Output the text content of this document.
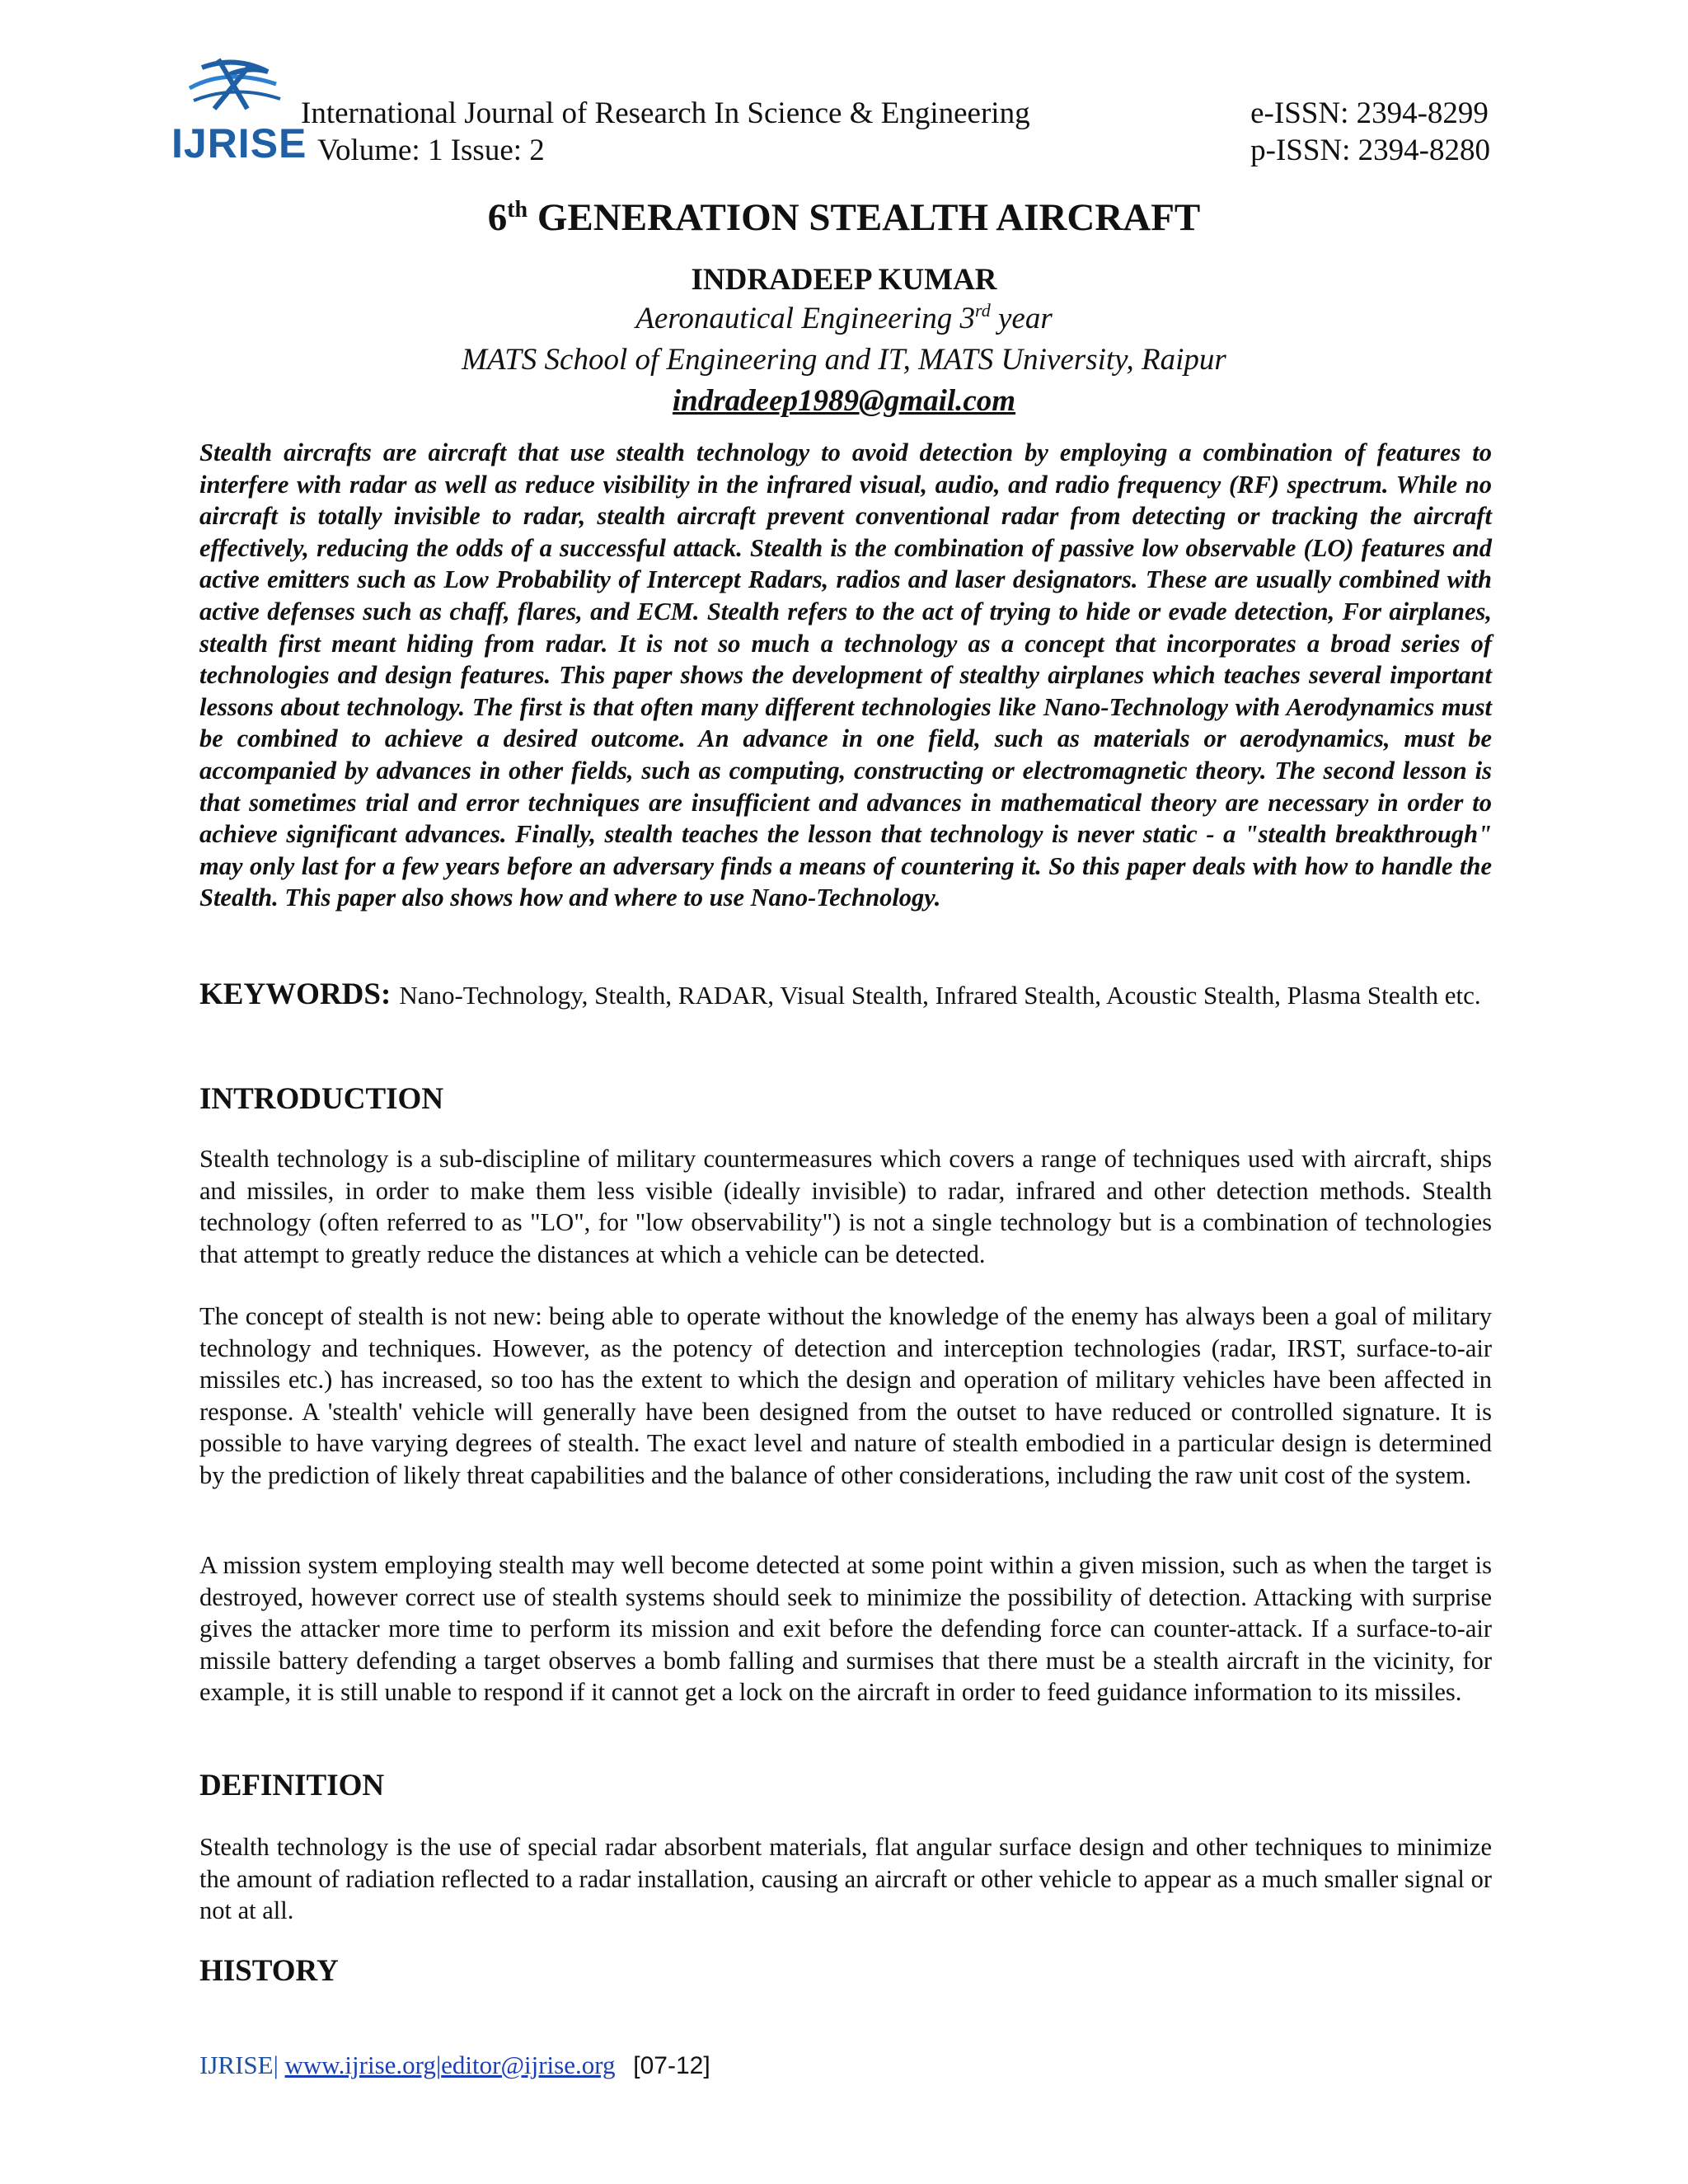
IJRISE
International Journal of Research In Science & Engineering
Volume: 1 Issue: 2
e-ISSN: 2394-8299
p-ISSN: 2394-8280
6th GENERATION STEALTH AIRCRAFT
INDRADEEP KUMAR
Aeronautical Engineering 3rd year
MATS School of Engineering and IT, MATS University, Raipur
indradeep1989@gmail.com

Stealth aircrafts are aircraft that use stealth technology to avoid detection by employing a combination of features to interfere with radar as well as reduce visibility in the infrared visual, audio, and radio frequency (RF) spectrum. While no aircraft is totally invisible to radar, stealth aircraft prevent conventional radar from detecting or tracking the aircraft effectively, reducing the odds of a successful attack. Stealth is the combination of passive low observable (LO) features and active emitters such as Low Probability of Intercept Radars, radios and laser designators. These are usually combined with active defenses such as chaff, flares, and ECM. Stealth refers to the act of trying to hide or evade detection, For airplanes, stealth first meant hiding from radar. It is not so much a technology as a concept that incorporates a broad series of technologies and design features. This paper shows the development of stealthy airplanes which teaches several important lessons about technology. The first is that often many different technologies like Nano-Technology with Aerodynamics must be combined to achieve a desired outcome. An advance in one field, such as materials or aerodynamics, must be accompanied by advances in other fields, such as computing, constructing or electromagnetic theory. The second lesson is that sometimes trial and error techniques are insufficient and advances in mathematical theory are necessary in order to achieve significant advances. Finally, stealth teaches the lesson that technology is never static - a "stealth breakthrough" may only last for a few years before an adversary finds a means of countering it. So this paper deals with how to handle the Stealth. This paper also shows how and where to use Nano-Technology.

KEYWORDS: Nano-Technology, Stealth, RADAR, Visual Stealth, Infrared Stealth, Acoustic Stealth, Plasma Stealth etc.

INTRODUCTION

Stealth technology is a sub-discipline of military countermeasures which covers a range of techniques used with aircraft, ships and missiles, in order to make them less visible (ideally invisible) to radar, infrared and other detection methods. Stealth technology (often referred to as "LO", for "low observability") is not a single technology but is a combination of technologies that attempt to greatly reduce the distances at which a vehicle can be detected.

The concept of stealth is not new: being able to operate without the knowledge of the enemy has always been a goal of military technology and techniques. However, as the potency of detection and interception technologies (radar, IRST, surface-to-air missiles etc.) has increased, so too has the extent to which the design and operation of military vehicles have been affected in response. A 'stealth' vehicle will generally have been designed from the outset to have reduced or controlled signature. It is possible to have varying degrees of stealth. The exact level and nature of stealth embodied in a particular design is determined by the prediction of likely threat capabilities and the balance of other considerations, including the raw unit cost of the system.

A mission system employing stealth may well become detected at some point within a given mission, such as when the target is destroyed, however correct use of stealth systems should seek to minimize the possibility of detection. Attacking with surprise gives the attacker more time to perform its mission and exit before the defending force can counter-attack. If a surface-to-air missile battery defending a target observes a bomb falling and surmises that there must be a stealth aircraft in the vicinity, for example, it is still unable to respond if it cannot get a lock on the aircraft in order to feed guidance information to its missiles.

DEFINITION

Stealth technology is the use of special radar absorbent materials, flat angular surface design and other techniques to minimize the amount of radiation reflected to a radar installation, causing an aircraft or other vehicle to appear as a much smaller signal or not at all.

HISTORY
IJRISE| www.ijrise.org|editor@ijrise.org [07-12]
